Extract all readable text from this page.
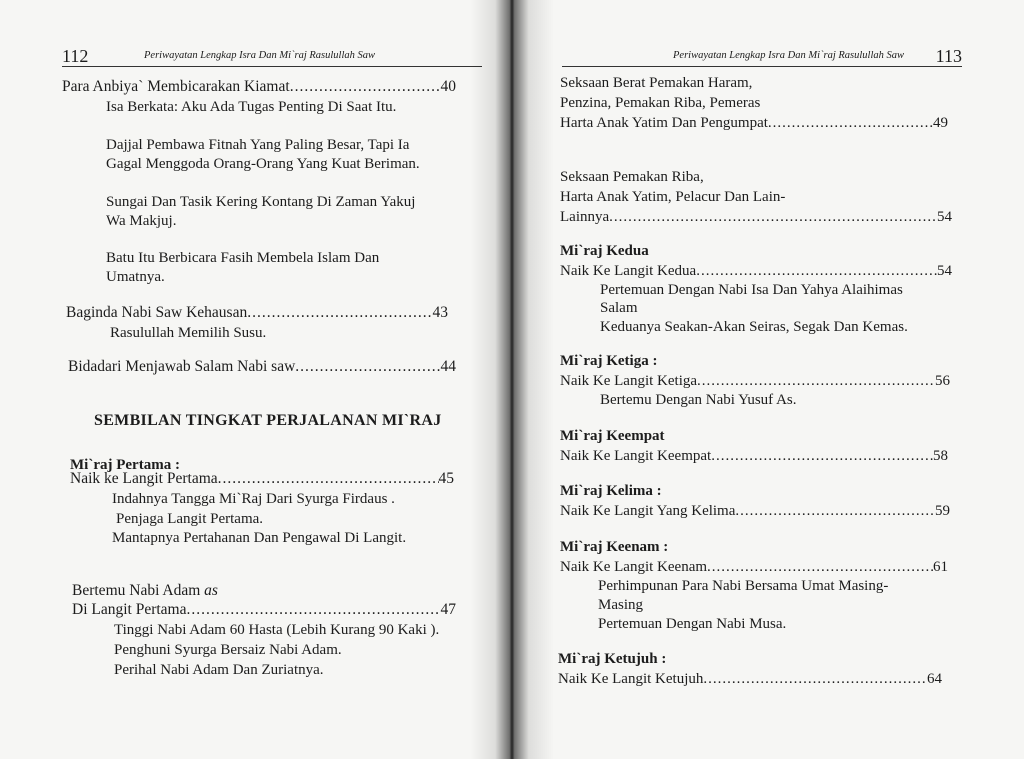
112	Periwayatan Lengkap Isra Dan Mi`raj Rasulullah Saw
Para Anbiya` Membicarakan Kiamat .....	40
Isa Berkata: Aku Ada Tugas Penting Di Saat Itu.
Dajjal Pembawa Fitnah Yang Paling Besar, Tapi Ia
Gagal Menggoda Orang-Orang Yang Kuat Beriman.
Sungai Dan Tasik Kering Kontang Di Zaman Yakuj
Wa Makjuj.
Batu Itu Berbicara Fasih Membela Islam Dan
Umatnya.
Baginda Nabi Saw Kehausan .....	43
Rasulullah Memilih Susu.
Bidadari Menjawab Salam Nabi saw .....	44
SEMBILAN TINGKAT PERJALANAN MI`RAJ
Mi`raj Pertama :
Naik ke Langit Pertama .....	45
Indahnya Tangga Mi`Raj Dari Syurga Firdaus .
Penjaga Langit Pertama.
Mantapnya Pertahanan Dan Pengawal Di Langit.
Bertemu Nabi Adam as
Di Langit Pertama .....	47
Tinggi Nabi Adam 60 Hasta (Lebih Kurang 90 Kaki ).
Penghuni Syurga Bersaiz Nabi Adam.
Perihal Nabi Adam Dan Zuriatnya.
Periwayatan Lengkap Isra Dan Mi`raj Rasulullah Saw 113
Seksaan Berat Pemakan Haram,
Penzina, Pemakan Riba, Pemeras
Harta Anak Yatim Dan Pengumpat .....	49
Seksaan Pemakan Riba,
Harta Anak Yatim, Pelacur Dan Lain-
Lainnya .....	54
Mi`raj Kedua
Naik Ke Langit Kedua .....	54
Pertemuan Dengan Nabi Isa Dan Yahya Alaihimas
Salam
Keduanya Seakan-Akan Seiras, Segak Dan Kemas.
Mi`raj Ketiga :
Naik Ke Langit Ketiga .....	56
Bertemu Dengan Nabi Yusuf As.
Mi`raj Keempat
Naik Ke Langit Keempat .....	58
Mi`raj Kelima :
Naik Ke Langit Yang Kelima .....	59
Mi`raj Keenam :
Naik Ke Langit Keenam .....	61
Perhimpunan Para Nabi Bersama Umat Masing-
Masing
Pertemuan Dengan Nabi Musa.
Mi`raj Ketujuh :
Naik Ke Langit Ketujuh .....	64
